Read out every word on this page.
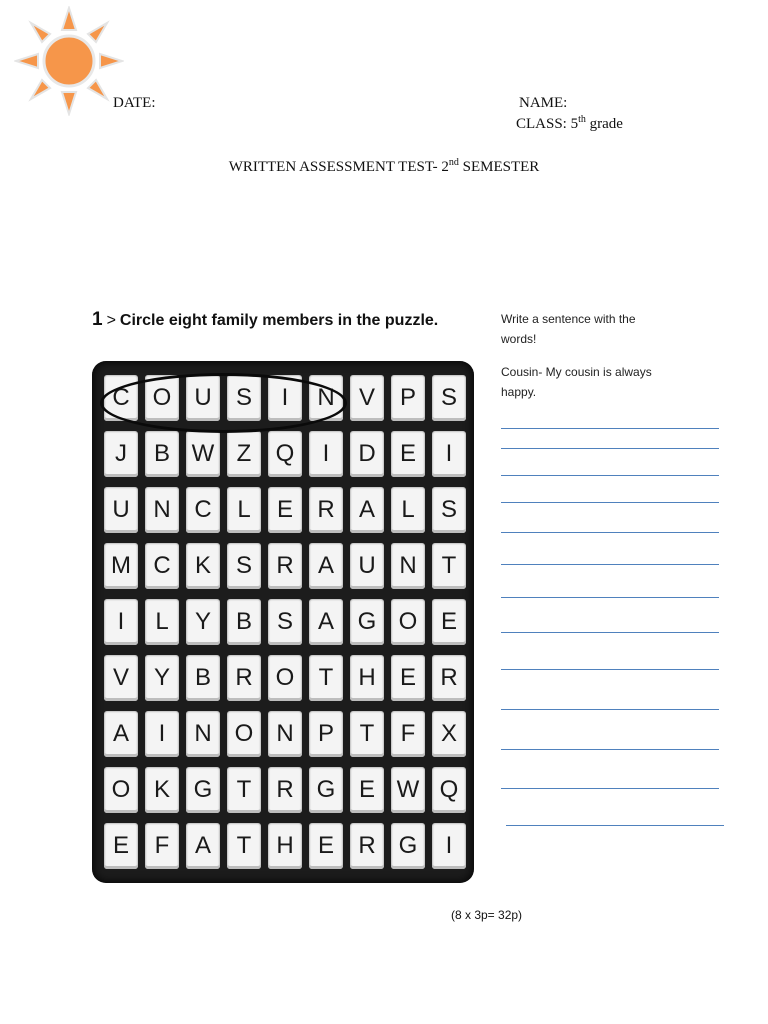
DATE:	NAME:
CLASS: 5th grade
WRITTEN ASSESSMENT TEST- 2nd SEMESTER
1 > Circle eight family members in the puzzle.
C O U	S	I	N	V	P	S
J	B W Z	Q	I	D	E	I
U N C	L	E	R	A	L	S
M C	K	S	R	A	U N	T
I	L	Y	B	S	A G O E
V	Y	B	R O	T	H	E	R
A	I	N O N	P	T	F	X
O K G	T	R G E W Q
E	F	A	T	H	E	R G	I
Write a sentence with the words!
Cousin- My cousin is always happy.
(8 x 3p= 32p)
